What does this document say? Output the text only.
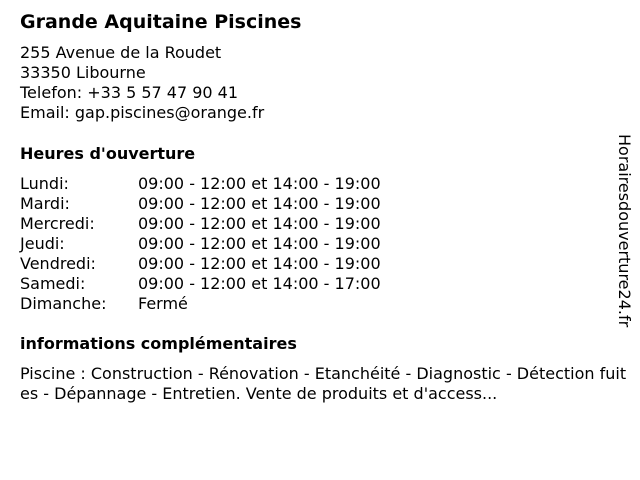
Grande Aquitaine Piscines
255 Avenue de la Roudet
33350 Libourne
Telefon: +33 5 57 47 90 41
Email: gap.piscines@orange.fr
Heures d'ouverture
Lundi:	09:00 - 12:00 et 14:00 - 19:00
Mardi:	09:00 - 12:00 et 14:00 - 19:00
Mercredi:	09:00 - 12:00 et 14:00 - 19:00
Jeudi:	09:00 - 12:00 et 14:00 - 19:00
Vendredi:	09:00 - 12:00 et 14:00 - 19:00
Samedi:	09:00 - 12:00 et 14:00 - 17:00
Dimanche:	Fermé
informations complémentaires
Piscine : Construction - Rénovation - Etanchéité - Diagnostic - Détection fuites - Dépannage - Entretien. Vente de produits et d'access...
Horairesdouverture24.fr
